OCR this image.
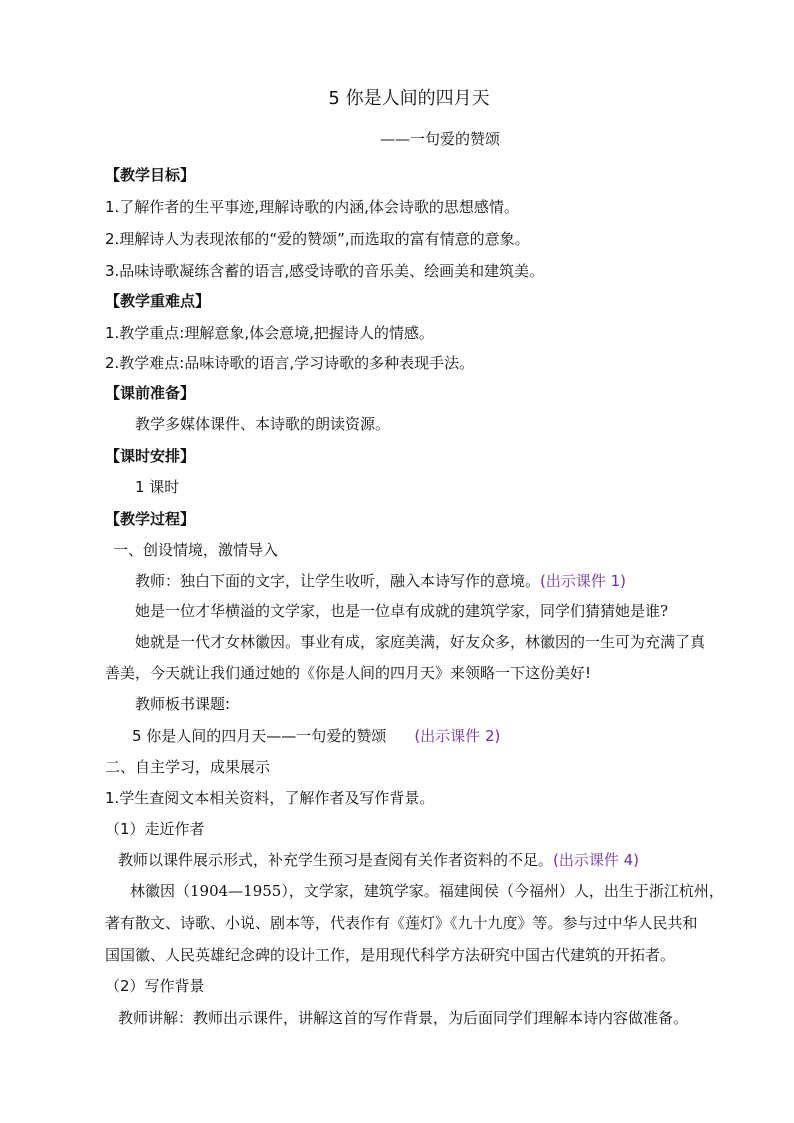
5 你是人间的四月天
——一句爱的赞颂
【教学目标】
1.了解作者的生平事迹,理解诗歌的内涵,体会诗歌的思想感情。
2.理解诗人为表现浓郁的“爱的赞颂”,而选取的富有情意的意象。
3.品味诗歌凝练含蓄的语言,感受诗歌的音乐美、绘画美和建筑美。
【教学重难点】
1.教学重点:理解意象,体会意境,把握诗人的情感。
2.教学难点:品味诗歌的语言,学习诗歌的多种表现手法。
【课前准备】
教学多媒体课件、本诗歌的朗读资源。
【课时安排】
1 课时
【教学过程】
一、创设情境，激情导入
教师：独白下面的文字，让学生收听，融入本诗写作的意境。(出示课件 1)
她是一位才华横溢的文学家，也是一位卓有成就的建筑学家，同学们猜猜她是谁?
她就是一代才女林徽因。事业有成，家庭美满，好友众多，林徽因的一生可为充满了真
善美，今天就让我们通过她的《你是人间的四月天》来领略一下这份美好!
教师板书课题:
5 你是人间的四月天——一句爱的赞颂 (出示课件 2)
二、自主学习，成果展示
1.学生查阅文本相关资料，了解作者及写作背景。
（1）走近作者
教师以课件展示形式，补充学生预习是查阅有关作者资料的不足。(出示课件 4)
林徽因（1904—1955），文学家，建筑学家。福建闽侯（今福州）人，出生于浙江杭州，
著有散文、诗歌、小说、剧本等，代表作有《莲灯》《九十九度》等。参与过中华人民共和
国国徽、人民英雄纪念碑的设计工作，是用现代科学方法研究中国古代建筑的开拓者。
（2）写作背景
教师讲解：教师出示课件，讲解这首的写作背景，为后面同学们理解本诗内容做准备。
